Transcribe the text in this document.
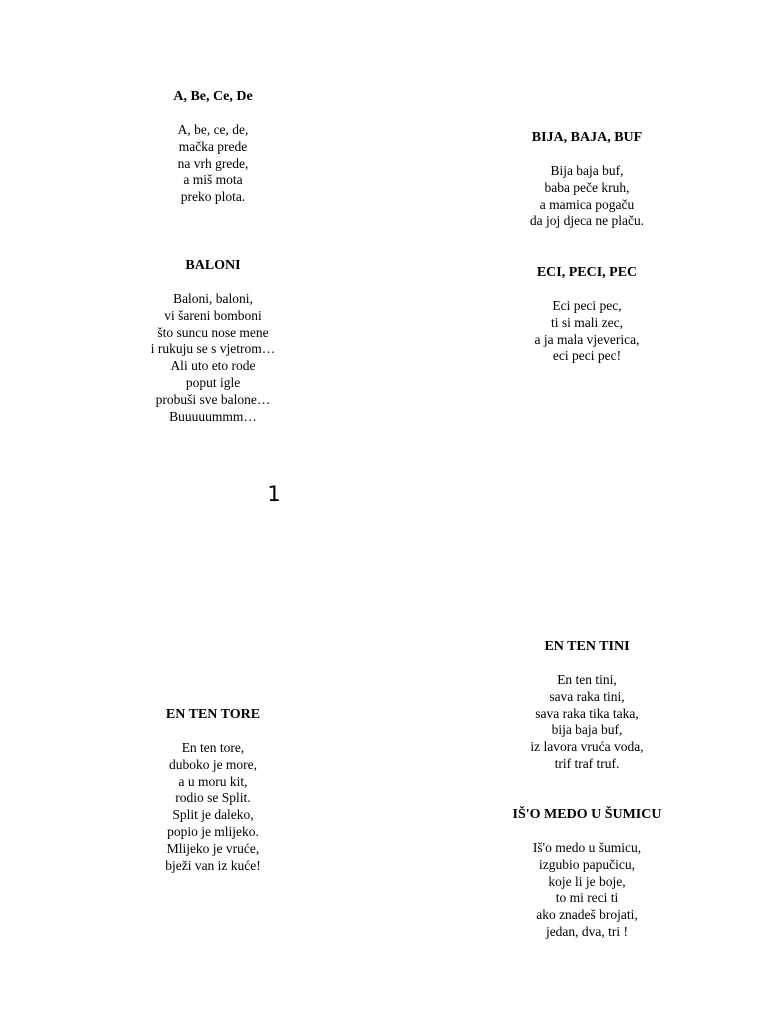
A, Be, Ce, De
A, be, ce, de,
mačka prede
na vrh grede,
a miš mota
preko plota.
BALONI
Baloni, baloni,
vi šareni bomboni
što suncu nose mene
i rukuju se s vjetrom…
Ali uto eto rode
poput igle
probuši sve balone…
Buuuuummm…
BIJA, BAJA, BUF
Bija baja buf,
baba peče kruh,
a mamica pogaču
da joj djeca ne plaču.
ECI, PECI, PEC
Eci peci pec,
ti si mali zec,
a ja mala vjeverica,
eci peci pec!
1
EN TEN TORE
En ten tore,
duboko je more,
a u moru kit,
rodio se Split.
Split je daleko,
popio je mlijeko.
Mlijeko je vruće,
bježi van iz kuće!
EN TEN TINI
En ten tini,
sava raka tini,
sava raka tika taka,
bija baja buf,
iz lavora vruća voda,
trif traf truf.
IŠ'O MEDO U ŠUMICU
Iš'o medo u šumicu,
izgubio papučicu,
koje li je boje,
to mi reci ti
ako znadeš brojati,
jedan, dva, tri !
